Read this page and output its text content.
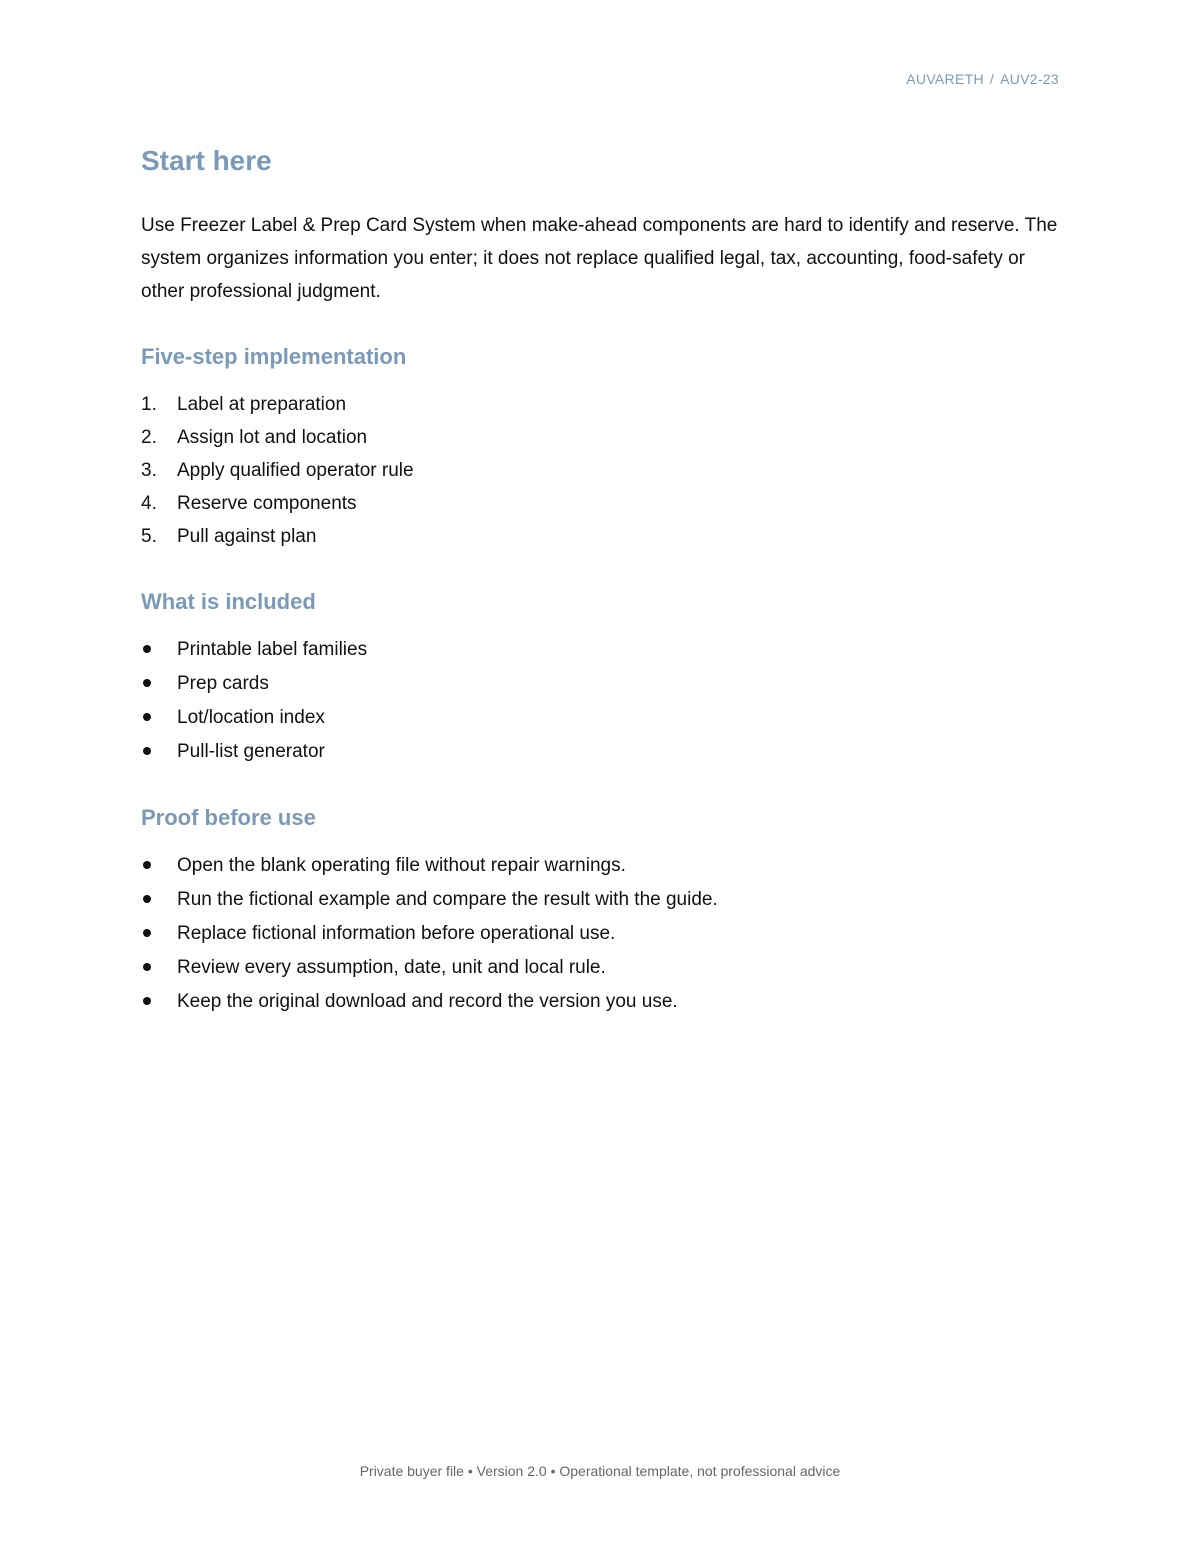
AUVARETH / AUV2-23
Start here

Use Freezer Label & Prep Card System when make-ahead components are hard to identify and reserve. The system organizes information you enter; it does not replace qualified legal, tax, accounting, food-safety or other professional judgment.

Five-step implementation
1.	Label at preparation
2.	Assign lot and location
3.	Apply qualified operator rule
4.	Reserve components
5.	Pull against plan
What is included
Printable label families
Prep cards
Lot/location index
Pull-list generator
Proof before use
Open the blank operating file without repair warnings.
Run the fictional example and compare the result with the guide.
Replace fictional information before operational use.
Review every assumption, date, unit and local rule.
Keep the original download and record the version you use.
Private buyer file • Version 2.0 • Operational template, not professional advice
